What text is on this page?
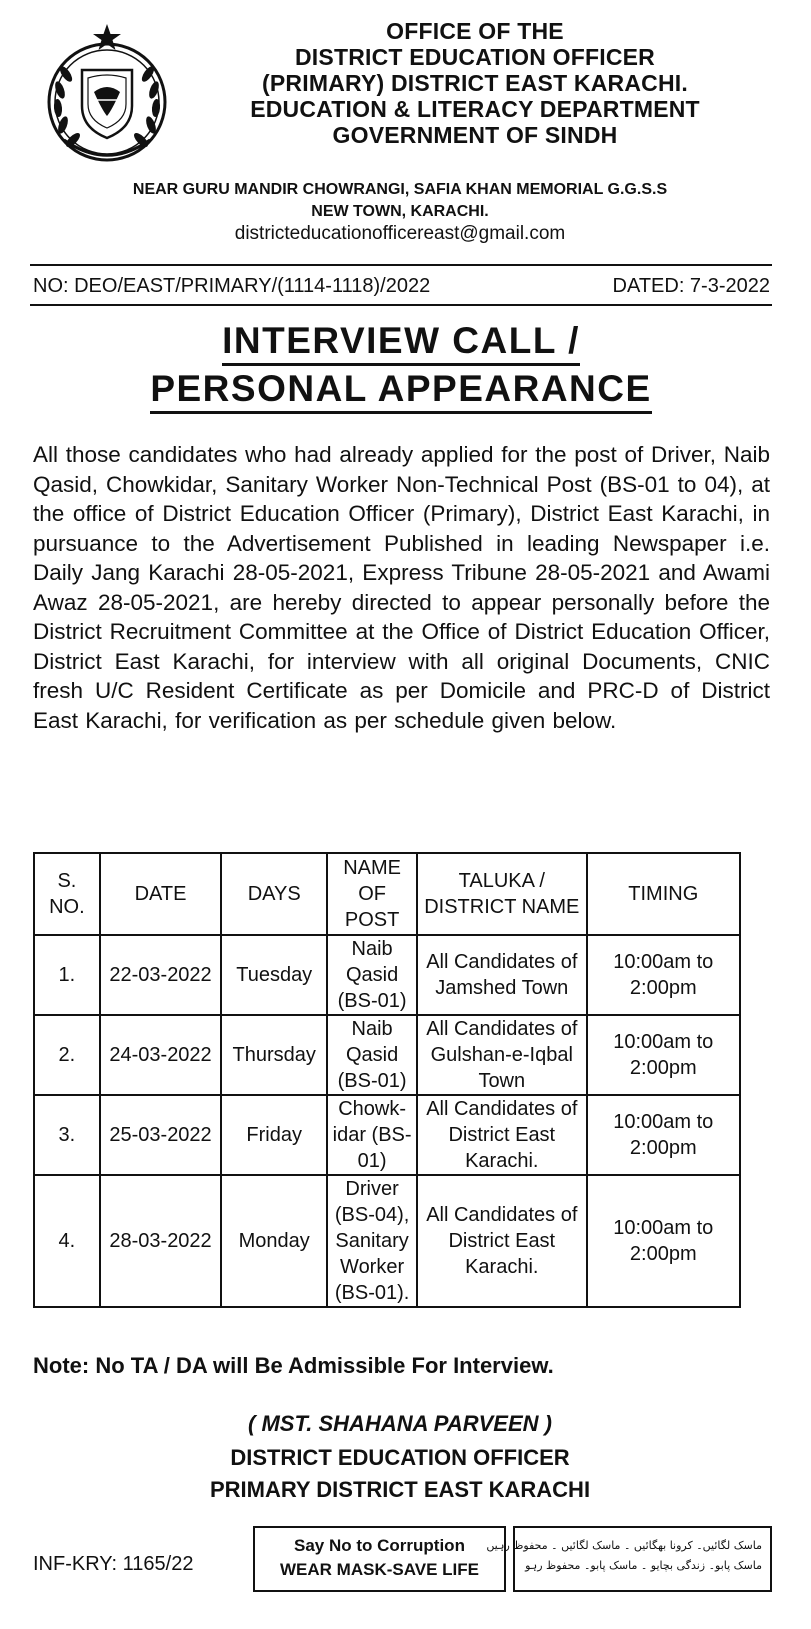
OFFICE OF THE
DISTRICT EDUCATION OFFICER
(PRIMARY) DISTRICT EAST KARACHI.
EDUCATION & LITERACY DEPARTMENT
GOVERNMENT OF SINDH
NEAR GURU MANDIR CHOWRANGI, SAFIA KHAN MEMORIAL G.G.S.S
NEW TOWN, KARACHI.
districteducationofficereast@gmail.com
NO: DEO/EAST/PRIMARY/(1114-1118)/2022	DATED: 7-3-2022
INTERVIEW CALL /
PERSONAL APPEARANCE

All those candidates who had already applied for the post of Driver, Naib Qasid, Chowkidar, Sanitary Worker Non-Technical Post (BS-01 to 04), at the office of District Education Officer (Primary), District East Karachi, in pursuance to the Advertisement Published in leading Newspaper i.e. Daily Jang Karachi 28-05-2021, Express Tribune 28-05-2021 and Awami Awaz 28-05-2021, are hereby directed to appear personally before the District Recruitment Committee at the Office of District Education Officer, District East Karachi, for interview with all original Documents, CNIC fresh U/C Resident Certificate as per Domicile and PRC-D of District East Karachi, for verification as per schedule given below.

S. NO.	DATE	DAYS	NAME OF POST	TALUKA / DISTRICT NAME	TIMING
1.	22-03-2022	Tuesday	Naib Qasid (BS-01)	All Candidates of Jamshed Town	10:00am to 2:00pm
2.	24-03-2022	Thursday	Naib Qasid (BS-01)	All Candidates of Gulshan-e-Iqbal Town	10:00am to 2:00pm
3.	25-03-2022	Friday	Chowk-idar (BS-01)	All Candidates of District East Karachi.	10:00am to 2:00pm
4.	28-03-2022	Monday	Driver (BS-04), Sanitary Worker (BS-01).	All Candidates of District East Karachi.	10:00am to 2:00pm
Note: No TA / DA will Be Admissible For Interview.
( MST. SHAHANA PARVEEN )
DISTRICT EDUCATION OFFICER
PRIMARY DISTRICT EAST KARACHI
INF-KRY: 1165/22
Say No to Corruption
WEAR MASK-SAVE LIFE
ماسک لگائیں۔ کرونا بھگائیں ۔ ماسک لگائیں ۔ محفوظ رہیں
ماسک پابو۔ زندگی بچایو ۔ ماسک پابو۔ محفوظ رہو
